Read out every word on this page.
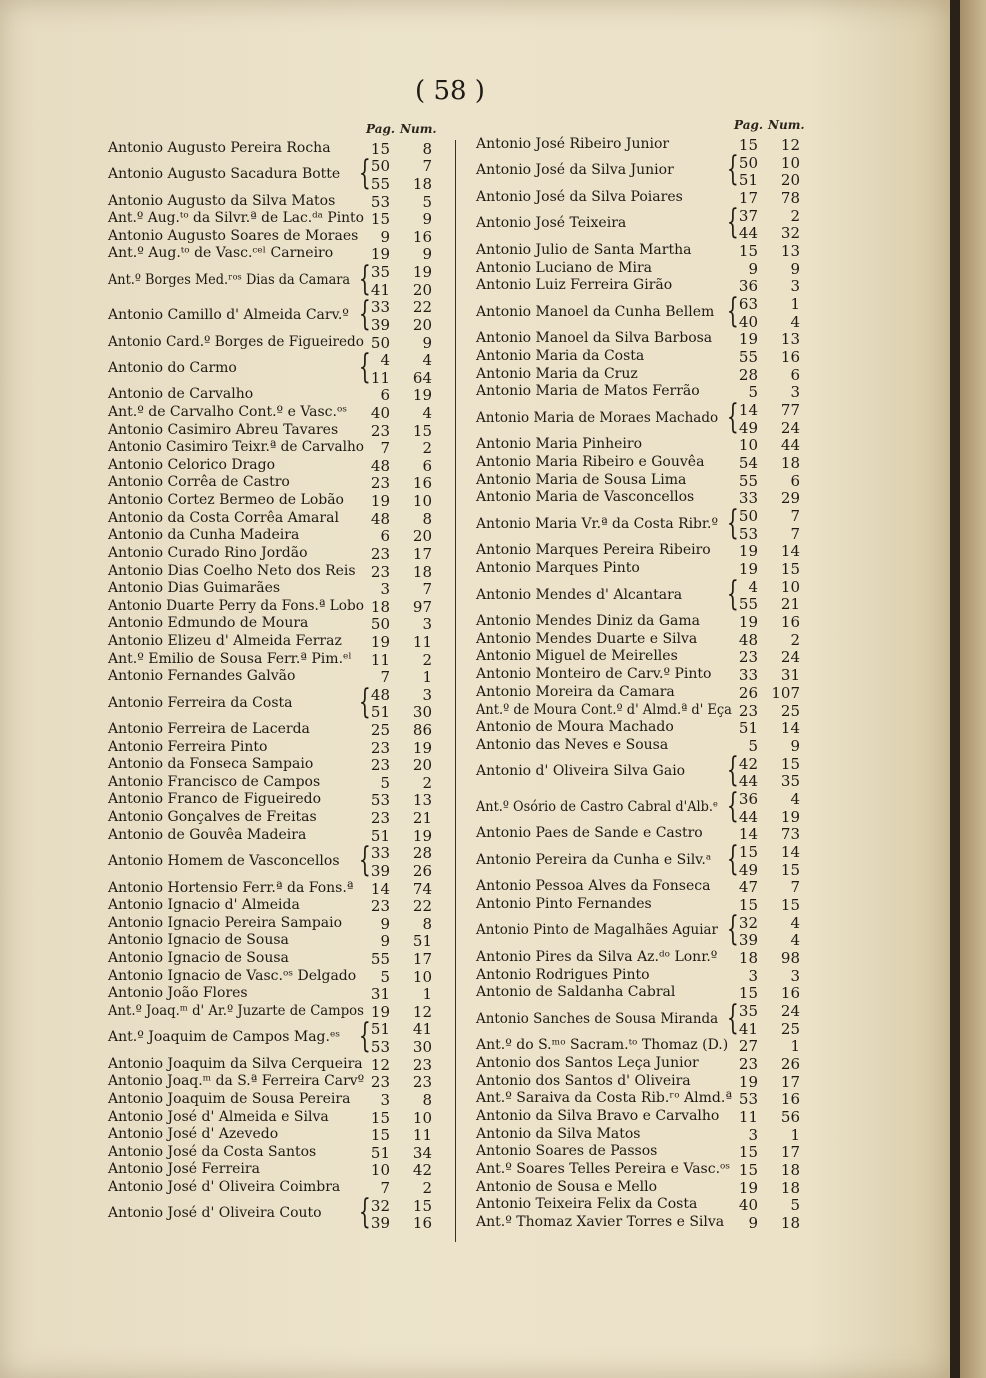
( 58 )
Pag. Num.
Antonio Augusto Pereira Rocha	15	8
Antonio Augusto Sacadura Botte { 50	7
55	18
Antonio Augusto da Silva Matos	53	5
Ant.º Aug.ᵗᵒ da Silvr.ª de Lac.ᵈᵃ Pinto 15	9
Antonio Augusto Soares de Moraes	9	16
Ant.º Aug.ᵗᵒ de Vasc.ᶜᵉˡ Carneiro	19	9
Ant.º Borges Med.ʳᵒˢ Dias da Camara { 35	19
41	20
Antonio Camillo d' Almeida Carv.º { 33	22
39	20
Antonio Card.º Borges de Figueiredo 50	9
Antonio do Carmo	{ 4	4
11	64
Antonio de Carvalho	6	19
Ant.º de Carvalho Cont.º e Vasc.ᵒˢ	40	4
Antonio Casimiro Abreu Tavares	23	15
Antonio Casimiro Teixr.ª de Carvalho	7	2
Antonio Celorico Drago	48	6
Antonio Corrêa de Castro	23	16
Antonio Cortez Bermeo de Lobão	19	10
Antonio da Costa Corrêa Amaral	48	8
Antonio da Cunha Madeira	6	20
Antonio Curado Rino Jordão	23	17
Antonio Dias Coelho Neto dos Reis	23	18
Antonio Dias Guimarães	3	7
Antonio Duarte Perry da Fons.ª Lobo 18	97
Antonio Edmundo de Moura	50	3
Antonio Elizeu d' Almeida Ferraz	19	11
Ant.º Emilio de Sousa Ferr.ª Pim.ᵉˡ	11	2
Antonio Fernandes Galvão	7	1
Antonio Ferreira da Costa { 48	3
51	30
Antonio Ferreira de Lacerda	25	86
Antonio Ferreira Pinto	23	19
Antonio da Fonseca Sampaio	23	20
Antonio Francisco de Campos	5	2
Antonio Franco de Figueiredo	53	13
Antonio Gonçalves de Freitas	23	21
Antonio de Gouvêa Madeira	51	19
Antonio Homem de Vasconcellos { 33	28
39	26
Antonio Hortensio Ferr.ª da Fons.ª	14	74
Antonio Ignacio d' Almeida	23	22
Antonio Ignacio Pereira Sampaio	9	8
Antonio Ignacio de Sousa	9	51
Antonio Ignacio de Sousa	55	17
Antonio Ignacio de Vasc.ᵒˢ Delgado	5	10
Antonio João Flores	31	1
Ant.º Joaq.ᵐ d' Ar.º Juzarte de Campos 19	12
Ant.º Joaquim de Campos Mag.ᵉˢ { 51	41
53	30
Antonio Joaquim da Silva Cerqueira 12	23
Antonio Joaq.ᵐ da S.ª Ferreira Carvº 23	23
Antonio Joaquim de Sousa Pereira	3	8
Antonio José d' Almeida e Silva	15	10
Antonio José d' Azevedo	15	11
Antonio José da Costa Santos	51	34
Antonio José Ferreira	10	42
Antonio José d' Oliveira Coimbra	7	2
Antonio José d' Oliveira Couto { 32	15
39	16
Pag. Num.
Antonio José Ribeiro Junior	15	12
Antonio José da Silva Junior { 50	10
51	20
Antonio José da Silva Poiares	17	78
Antonio José Teixeira	{ 37	2
44	32
Antonio Julio de Santa Martha	15	13
Antonio Luciano de Mira	9	9
Antonio Luiz Ferreira Girão	36	3
Antonio Manoel da Cunha Bellem { 63	1
40	4
Antonio Manoel da Silva Barbosa	19	13
Antonio Maria da Costa	55	16
Antonio Maria da Cruz	28	6
Antonio Maria de Matos Ferrão	5	3
Antonio Maria de Moraes Machado { 14	77
49	24
Antonio Maria Pinheiro	10	44
Antonio Maria Ribeiro e Gouvêa	54	18
Antonio Maria de Sousa Lima	55	6
Antonio Maria de Vasconcellos	33	29
Antonio Maria Vr.ª da Costa Ribr.º { 50	7
53	7
Antonio Marques Pereira Ribeiro	19	14
Antonio Marques Pinto	19	15
Antonio Mendes d' Alcantara { 4	10
55	21
Antonio Mendes Diniz da Gama	19	16
Antonio Mendes Duarte e Silva	48	2
Antonio Miguel de Meirelles	23	24
Antonio Monteiro de Carv.º Pinto	33	31
Antonio Moreira da Camara	26 107
Ant.º de Moura Cont.º d' Almd.ª d' Eça 23	25
Antonio de Moura Machado	51	14
Antonio das Neves e Sousa	5	9
Antonio d' Oliveira Silva Gaio { 42	15
44	35
Ant.º Osório de Castro Cabral d'Alb.ᵉ { 36	4
44	19
Antonio Paes de Sande e Castro	14	73
Antonio Pereira da Cunha e Silv.ᵃ { 15	14
49	15
Antonio Pessoa Alves da Fonseca	47	7
Antonio Pinto Fernandes	15	15
Antonio Pinto de Magalhães Aguiar { 32	4
39	4
Antonio Pires da Silva Az.ᵈᵒ Lonr.º	18	98
Antonio Rodrigues Pinto	3	3
Antonio de Saldanha Cabral	15	16
Antonio Sanches de Sousa Miranda { 35	24
41	25
Ant.º do S.ᵐᵒ Sacram.ᵗᵒ Thomaz (D.) 27	1
Antonio dos Santos Leça Junior	23	26
Antonio dos Santos d' Oliveira	19	17
Ant.º Saraiva da Costa Rib.ʳᵒ Almd.ª 53	16
Antonio da Silva Bravo e Carvalho	11	56
Antonio da Silva Matos	3	1
Antonio Soares de Passos	15	17
Ant.º Soares Telles Pereira e Vasc.ᵒˢ 15	18
Antonio de Sousa e Mello	19	18
Antonio Teixeira Felix da Costa	40	5
Ant.º Thomaz Xavier Torres e Silva	9	18
